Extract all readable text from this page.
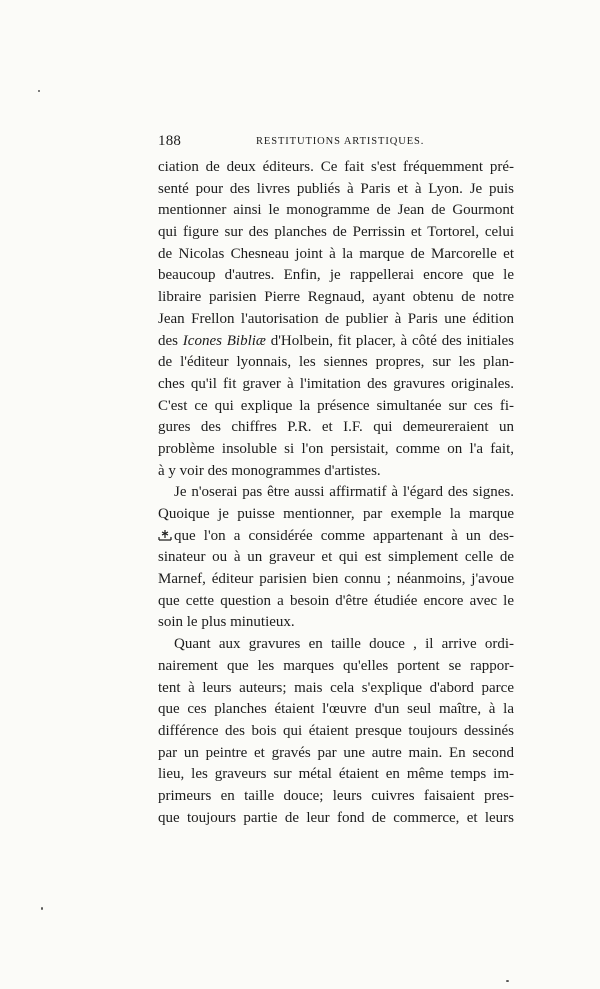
188	RESTITUTIONS ARTISTIQUES.
ciation de deux éditeurs. Ce fait s'est fréquemment pré-
senté pour des livres publiés à Paris et à Lyon. Je puis
mentionner ainsi le monogramme de Jean de Gourmont
qui figure sur des planches de Perrissin et Tortorel, celui
de Nicolas Chesneau joint à la marque de Marcorelle et
beaucoup d'autres. Enfin, je rappellerai encore que le
libraire parisien Pierre Regnaud, ayant obtenu de notre
Jean Frellon l'autorisation de publier à Paris une édition
des Icones Bibliæ d'Holbein, fit placer, à côté des initiales
de l'éditeur lyonnais, les siennes propres, sur les plan-
ches qu'il fit graver à l'imitation des gravures originales.
C'est ce qui explique la présence simultanée sur ces fi-
gures des chiffres P.R. et I.F. qui demeureraient un
problème insoluble si l'on persistait, comme on l'a fait,
à y voir des monogrammes d'artistes.
Je n'oserai pas être aussi affirmatif à l'égard des signes.
Quoique je puisse mentionner, par exemple la marque
que l'on a considérée comme appartenant à un des-
sinateur ou à un graveur et qui est simplement celle de
Marnef, éditeur parisien bien connu ; néanmoins, j'avoue
que cette question a besoin d'être étudiée encore avec le
soin le plus minutieux.
Quant aux gravures en taille douce , il arrive ordi-
nairement que les marques qu'elles portent se rappor-
tent à leurs auteurs; mais cela s'explique d'abord parce
que ces planches étaient l'œuvre d'un seul maître, à la
différence des bois qui étaient presque toujours dessinés
par un peintre et gravés par une autre main. En second
lieu, les graveurs sur métal étaient en même temps im-
primeurs en taille douce; leurs cuivres faisaient pres-
que toujours partie de leur fond de commerce, et leurs
